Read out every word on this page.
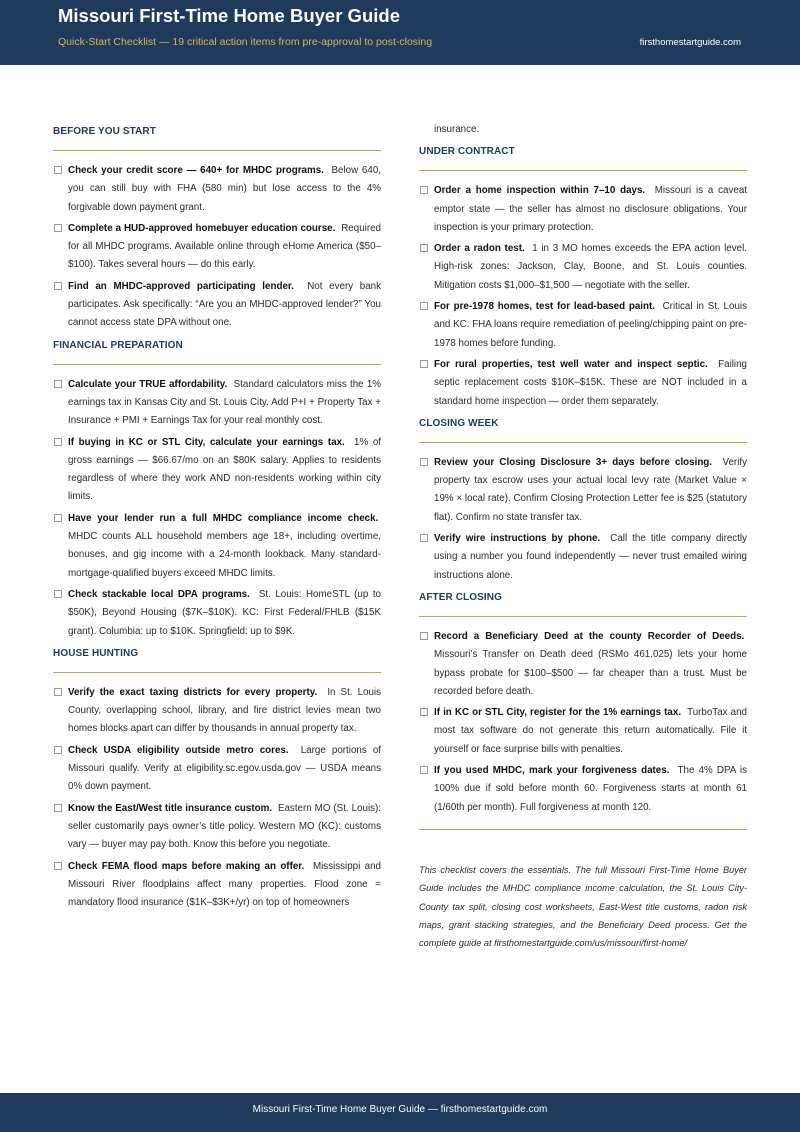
Missouri First-Time Home Buyer Guide
Quick-Start Checklist — 19 critical action items from pre-approval to post-closing	firsthomestartguide.com
BEFORE YOU START
Check your credit score — 640+ for MHDC programs. Below 640, you can still buy with FHA (580 min) but lose access to the 4% forgivable down payment grant.
Complete a HUD-approved homebuyer education course. Required for all MHDC programs. Available online through eHome America ($50–$100). Takes several hours — do this early.
Find an MHDC-approved participating lender. Not every bank participates. Ask specifically: “Are you an MHDC-approved lender?” You cannot access state DPA without one.
FINANCIAL PREPARATION
Calculate your TRUE affordability. Standard calculators miss the 1% earnings tax in Kansas City and St. Louis City. Add P+I + Property Tax + Insurance + PMI + Earnings Tax for your real monthly cost.
If buying in KC or STL City, calculate your earnings tax. 1% of gross earnings — $66.67/mo on an $80K salary. Applies to residents regardless of where they work AND non-residents working within city limits.
Have your lender run a full MHDC compliance income check.  MHDC counts ALL household members age 18+, including overtime, bonuses, and gig income with a 24-month lookback. Many standard-mortgage-qualified buyers exceed MHDC limits.
Check stackable local DPA programs. St. Louis: HomeSTL (up to $50K), Beyond Housing ($7K–$10K). KC: First Federal/FHLB ($15K grant). Columbia: up to $10K. Springfield: up to $9K.
HOUSE HUNTING
Verify the exact taxing districts for every property. In St. Louis County, overlapping school, library, and fire district levies mean two homes blocks apart can differ by thousands in annual property tax.
Check USDA eligibility outside metro cores. Large portions of Missouri qualify. Verify at eligibility.sc.egov.usda.gov — USDA means 0% down payment.
Know the East/West title insurance custom. Eastern MO (St. Louis): seller customarily pays owner’s title policy. Western MO (KC): customs vary — buyer may pay both. Know this before you negotiate.
Check FEMA flood maps before making an offer. Mississippi and Missouri River floodplains affect many properties. Flood zone = mandatory flood insurance ($1K–$3K+/yr) on top of homeowners
insurance.
UNDER CONTRACT
Order a home inspection within 7–10 days. Missouri is a caveat emptor state — the seller has almost no disclosure obligations. Your inspection is your primary protection.
Order a radon test. 1 in 3 MO homes exceeds the EPA action level. High-risk zones: Jackson, Clay, Boone, and St. Louis counties. Mitigation costs $1,000–$1,500 — negotiate with the seller.
For pre-1978 homes, test for lead-based paint. Critical in St. Louis and KC. FHA loans require remediation of peeling/chipping paint on pre-1978 homes before funding.
For rural properties, test well water and inspect septic. Failing septic replacement costs $10K–$15K. These are NOT included in a standard home inspection — order them separately.
CLOSING WEEK
Review your Closing Disclosure 3+ days before closing. Verify property tax escrow uses your actual local levy rate (Market Value × 19% × local rate). Confirm Closing Protection Letter fee is $25 (statutory flat). Confirm no state transfer tax.
Verify wire instructions by phone. Call the title company directly using a number you found independently — never trust emailed wiring instructions alone.
AFTER CLOSING
Record a Beneficiary Deed at the county Recorder of Deeds.  Missouri’s Transfer on Death deed (RSMo 461.025) lets your home bypass probate for $100–$500 — far cheaper than a trust. Must be recorded before death.
If in KC or STL City, register for the 1% earnings tax. TurboTax and most tax software do not generate this return automatically. File it yourself or face surprise bills with penalties.
If you used MHDC, mark your forgiveness dates. The 4% DPA is 100% due if sold before month 60. Forgiveness starts at month 61 (1/60th per month). Full forgiveness at month 120.
This checklist covers the essentials. The full Missouri First-Time Home Buyer Guide includes the MHDC compliance income calculation, the St. Louis City-County tax split, closing cost worksheets, East-West title customs, radon risk maps, grant stacking strategies, and the Beneficiary Deed process. Get the complete guide at firsthomestartguide.com/us/missouri/first-home/
Missouri First-Time Home Buyer Guide — firsthomestartguide.com
